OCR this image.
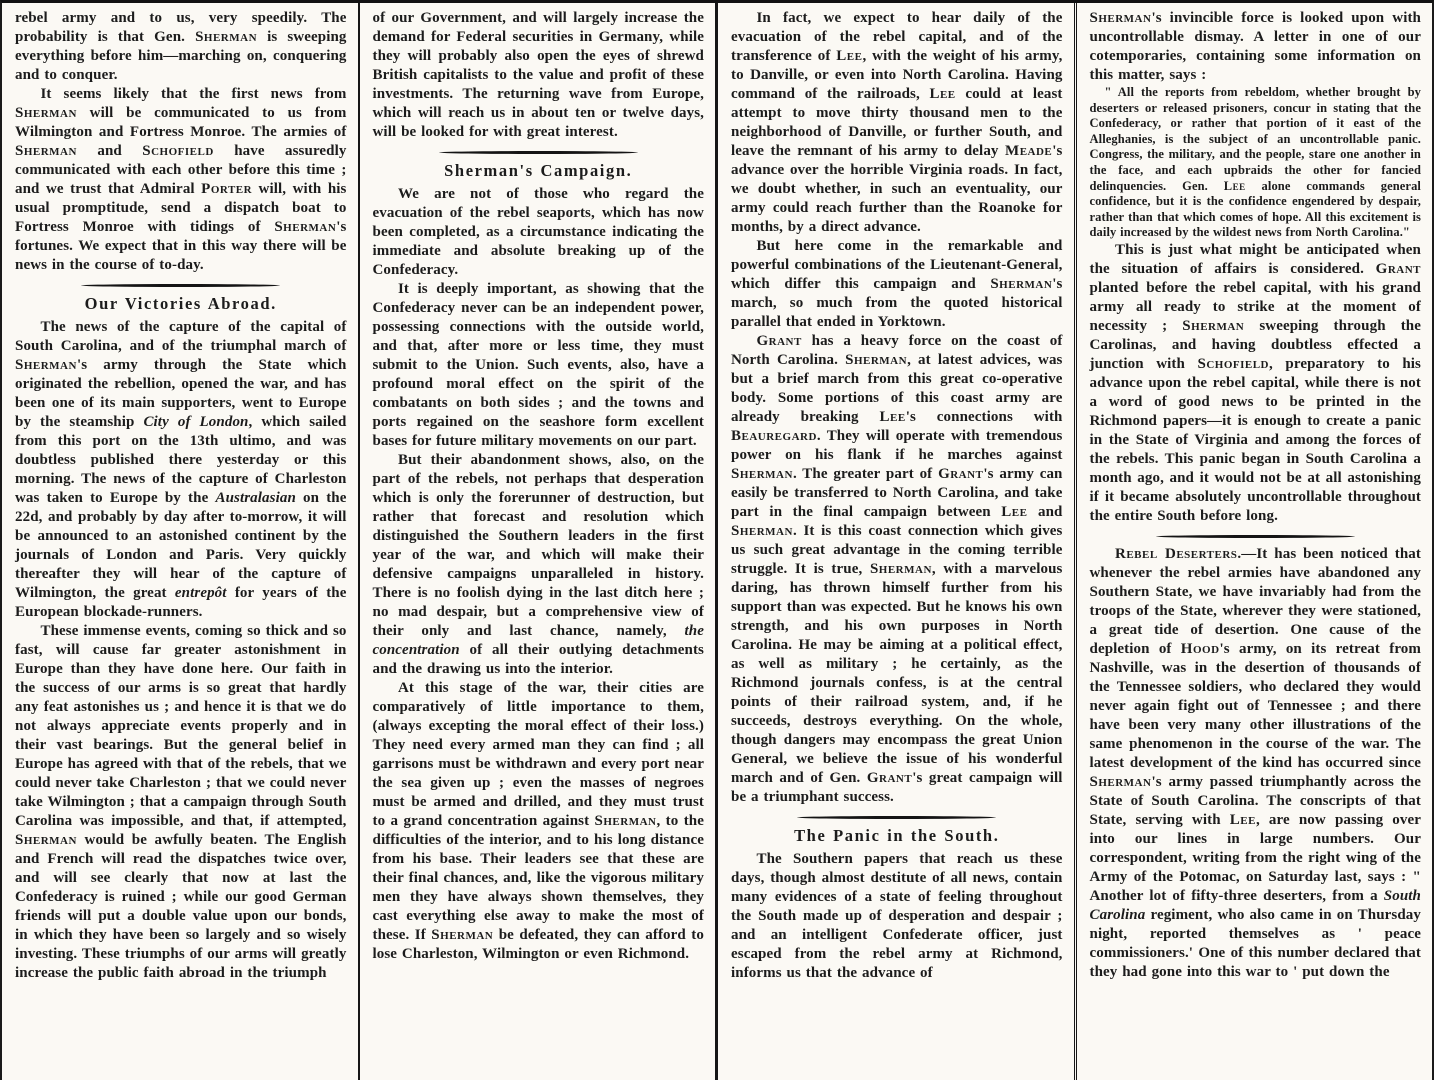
rebel army and to us, very speedily. The probability is that Gen. Sherman is sweeping everything before him—marching on, conquering and to conquer.

It seems likely that the first news from Sherman will be communicated to us from Wilmington and Fortress Monroe. The armies of Sherman and Schofield have assuredly communicated with each other before this time ; and we trust that Admiral Porter will, with his usual promptitude, send a dispatch boat to Fortress Monroe with tidings of Sherman's fortunes. We expect that in this way there will be news in the course of to-day.

Our Victories Abroad.

The news of the capture of the capital of South Carolina, and of the triumphal march of Sherman's army through the State which originated the rebellion, opened the war, and has been one of its main supporters, went to Europe by the steamship City of London, which sailed from this port on the 13th ultimo, and was doubtless published there yesterday or this morning. The news of the capture of Charleston was taken to Europe by the Australasian on the 22d, and probably by day after to-morrow, it will be announced to an astonished continent by the journals of London and Paris. Very quickly thereafter they will hear of the capture of Wilmington, the great entrepôt for years of the European blockade-runners.

These immense events, coming so thick and so fast, will cause far greater astonishment in Europe than they have done here. Our faith in the success of our arms is so great that hardly any feat astonishes us ; and hence it is that we do not always appreciate events properly and in their vast bearings. But the general belief in Europe has agreed with that of the rebels, that we could never take Charleston ; that we could never take Wilmington ; that a campaign through South Carolina was impossible, and that, if attempted, Sherman would be awfully beaten. The English and French will read the dispatches twice over, and will see clearly that now at last the Confederacy is ruined ; while our good German friends will put a double value upon our bonds, in which they have been so largely and so wisely investing. These triumphs of our arms will greatly increase the public faith abroad in the triumph

of our Government, and will largely increase the demand for Federal securities in Germany, while they will probably also open the eyes of shrewd British capitalists to the value and profit of these investments. The returning wave from Europe, which will reach us in about ten or twelve days, will be looked for with great interest.

Sherman's Campaign.

We are not of those who regard the evacuation of the rebel seaports, which has now been completed, as a circumstance indicating the immediate and absolute breaking up of the Confederacy.

It is deeply important, as showing that the Confederacy never can be an independent power, possessing connections with the outside world, and that, after more or less time, they must submit to the Union. Such events, also, have a profound moral effect on the spirit of the combatants on both sides ; and the towns and ports regained on the seashore form excellent bases for future military movements on our part.

But their abandonment shows, also, on the part of the rebels, not perhaps that desperation which is only the forerunner of destruction, but rather that forecast and resolution which distinguished the Southern leaders in the first year of the war, and which will make their defensive campaigns unparalleled in history. There is no foolish dying in the last ditch here ; no mad despair, but a comprehensive view of their only and last chance, namely, the concentration of all their outlying detachments and the drawing us into the interior.

At this stage of the war, their cities are comparatively of little importance to them, (always excepting the moral effect of their loss.) They need every armed man they can find ; all garrisons must be withdrawn and every port near the sea given up ; even the masses of negroes must be armed and drilled, and they must trust to a grand concentration against Sherman, to the difficulties of the interior, and to his long distance from his base. Their leaders see that these are their final chances, and, like the vigorous military men they have always shown themselves, they cast everything else away to make the most of these. If Sherman be defeated, they can afford to lose Charleston, Wilmington or even Richmond.

In fact, we expect to hear daily of the evacuation of the rebel capital, and of the transference of Lee, with the weight of his army, to Danville, or even into North Carolina. Having command of the railroads, Lee could at least attempt to move thirty thousand men to the neighborhood of Danville, or further South, and leave the remnant of his army to delay Meade's advance over the horrible Virginia roads. In fact, we doubt whether, in such an eventuality, our army could reach further than the Roanoke for months, by a direct advance.

But here come in the remarkable and powerful combinations of the Lieutenant-General, which differ this campaign and Sherman's march, so much from the quoted historical parallel that ended in Yorktown.

Grant has a heavy force on the coast of North Carolina. Sherman, at latest advices, was but a brief march from this great co-operative body. Some portions of this coast army are already breaking Lee's connections with Beauregard. They will operate with tremendous power on his flank if he marches against Sherman. The greater part of Grant's army can easily be transferred to North Carolina, and take part in the final campaign between Lee and Sherman. It is this coast connection which gives us such great advantage in the coming terrible struggle. It is true, Sherman, with a marvelous daring, has thrown himself further from his support than was expected. But he knows his own strength, and his own purposes in North Carolina. He may be aiming at a political effect, as well as military ; he certainly, as the Richmond journals confess, is at the central points of their railroad system, and, if he succeeds, destroys everything. On the whole, though dangers may encompass the great Union General, we believe the issue of his wonderful march and of Gen. Grant's great campaign will be a triumphant success.

The Panic in the South.

The Southern papers that reach us these days, though almost destitute of all news, contain many evidences of a state of feeling throughout the South made up of desperation and despair ; and an intelligent Confederate officer, just escaped from the rebel army at Richmond, informs us that the advance of

Sherman's invincible force is looked upon with uncontrollable dismay. A letter in one of our cotemporaries, containing some information on this matter, says :

" All the reports from rebeldom, whether brought by deserters or released prisoners, concur in stating that the Confederacy, or rather that portion of it east of the Alleghanies, is the subject of an uncontrollable panic. Congress, the military, and the people, stare one another in the face, and each upbraids the other for fancied delinquencies. Gen. Lee alone commands general confidence, but it is the confidence engendered by despair, rather than that which comes of hope. All this excitement is daily increased by the wildest news from North Carolina."

This is just what might be anticipated when the situation of affairs is considered. Grant planted before the rebel capital, with his grand army all ready to strike at the moment of necessity ; Sherman sweeping through the Carolinas, and having doubtless effected a junction with Schofield, preparatory to his advance upon the rebel capital, while there is not a word of good news to be printed in the Richmond papers—it is enough to create a panic in the State of Virginia and among the forces of the rebels. This panic began in South Carolina a month ago, and it would not be at all astonishing if it became absolutely uncontrollable throughout the entire South before long.

Rebel Deserters.—It has been noticed that whenever the rebel armies have abandoned any Southern State, we have invariably had from the troops of the State, wherever they were stationed, a great tide of desertion. One cause of the depletion of Hood's army, on its retreat from Nashville, was in the desertion of thousands of the Tennessee soldiers, who declared they would never again fight out of Tennessee ; and there have been very many other illustrations of the same phenomenon in the course of the war. The latest development of the kind has occurred since Sherman's army passed triumphantly across the State of South Carolina. The conscripts of that State, serving with Lee, are now passing over into our lines in large numbers. Our correspondent, writing from the right wing of the Army of the Potomac, on Saturday last, says : " Another lot of fifty-three deserters, from a South Carolina regiment, who also came in on Thursday night, reported themselves as ' peace commissioners.' One of this number declared that they had gone into this war to ' put down the
